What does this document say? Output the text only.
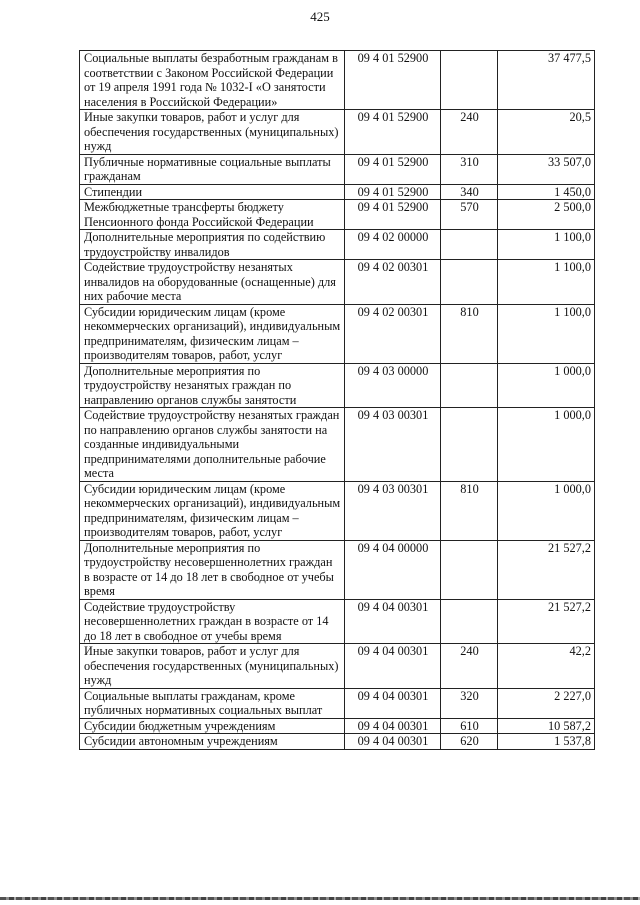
425
Социальные выплаты безработным гражданам в соответствии с Законом Российской Федерации от 19 апреля 1991 года № 1032-I «О занятости населения в Российской Федерации»	09 4 01 52900		37 477,5
Иные закупки товаров, работ и услуг для обеспечения государственных (муниципальных) нужд	09 4 01 52900	240	20,5
Публичные нормативные социальные выплаты гражданам	09 4 01 52900	310	33 507,0
Стипендии	09 4 01 52900	340	1 450,0
Межбюджетные трансферты бюджету Пенсионного фонда Российской Федерации	09 4 01 52900	570	2 500,0
Дополнительные мероприятия по содействию трудоустройству инвалидов	09 4 02 00000		1 100,0
Содействие трудоустройству незанятых инвалидов на оборудованные (оснащенные) для них рабочие места	09 4 02 00301		1 100,0
Субсидии юридическим лицам (кроме некоммерческих организаций), индивидуальным предпринимателям, физическим лицам – производителям товаров, работ, услуг	09 4 02 00301	810	1 100,0
Дополнительные мероприятия по трудоустройству незанятых граждан по направлению органов службы занятости	09 4 03 00000		1 000,0
Содействие трудоустройству незанятых граждан по направлению органов службы занятости на созданные индивидуальными предпринимателями дополнительные рабочие места	09 4 03 00301		1 000,0
Субсидии юридическим лицам (кроме некоммерческих организаций), индивидуальным предпринимателям, физическим лицам – производителям товаров, работ, услуг	09 4 03 00301	810	1 000,0
Дополнительные мероприятия по трудоустройству несовершеннолетних граждан в возрасте от 14 до 18 лет в свободное от учебы время	09 4 04 00000		21 527,2
Содействие трудоустройству несовершеннолетних граждан в возрасте от 14 до 18 лет в свободное от учебы время	09 4 04 00301		21 527,2
Иные закупки товаров, работ и услуг для обеспечения государственных (муниципальных) нужд	09 4 04 00301	240	42,2
Социальные выплаты гражданам, кроме публичных нормативных социальных выплат	09 4 04 00301	320	2 227,0
Субсидии бюджетным учреждениям	09 4 04 00301	610	10 587,2
Субсидии автономным учреждениям	09 4 04 00301	620	1 537,8
